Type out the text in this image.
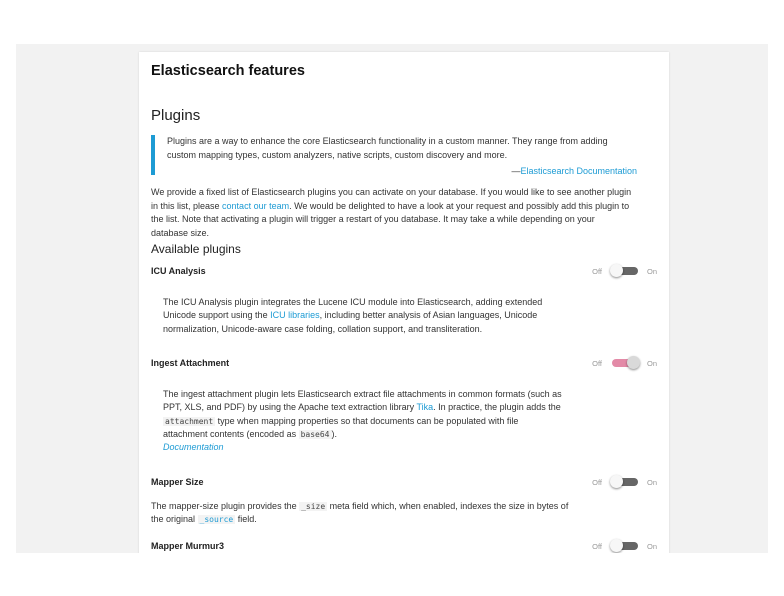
Elasticsearch features
Plugins

Plugins are a way to enhance the core Elasticsearch functionality in a custom manner. They range from adding custom mapping types, custom analyzers, native scripts, custom discovery and more.

—Elasticsearch Documentation

We provide a fixed list of Elasticsearch plugins you can activate on your database. If you would like to see another plugin in this list, please contact our team. We would be delighted to have a look at your request and possibly add this plugin to the list. Note that activating a plugin will trigger a restart of you database. It may take a while depending on your database size.

Available plugins
ICU Analysis	Off	On

The ICU Analysis plugin integrates the Lucene ICU module into Elasticsearch, adding extended Unicode support using the ICU libraries, including better analysis of Asian languages, Unicode normalization, Unicode-aware case folding, collation support, and transliteration.

Ingest Attachment	Off	On

The ingest attachment plugin lets Elasticsearch extract file attachments in common formats (such as PPT, XLS, and PDF) by using the Apache text extraction library Tika. In practice, the plugin adds the attachment type when mapping properties so that documents can be populated with file attachment contents (encoded as base64 ).
Documentation

Mapper Size	Off	On

The mapper-size plugin provides the _size meta field which, when enabled, indexes the size in bytes of the original _source field.

Mapper Murmur3	Off	On
